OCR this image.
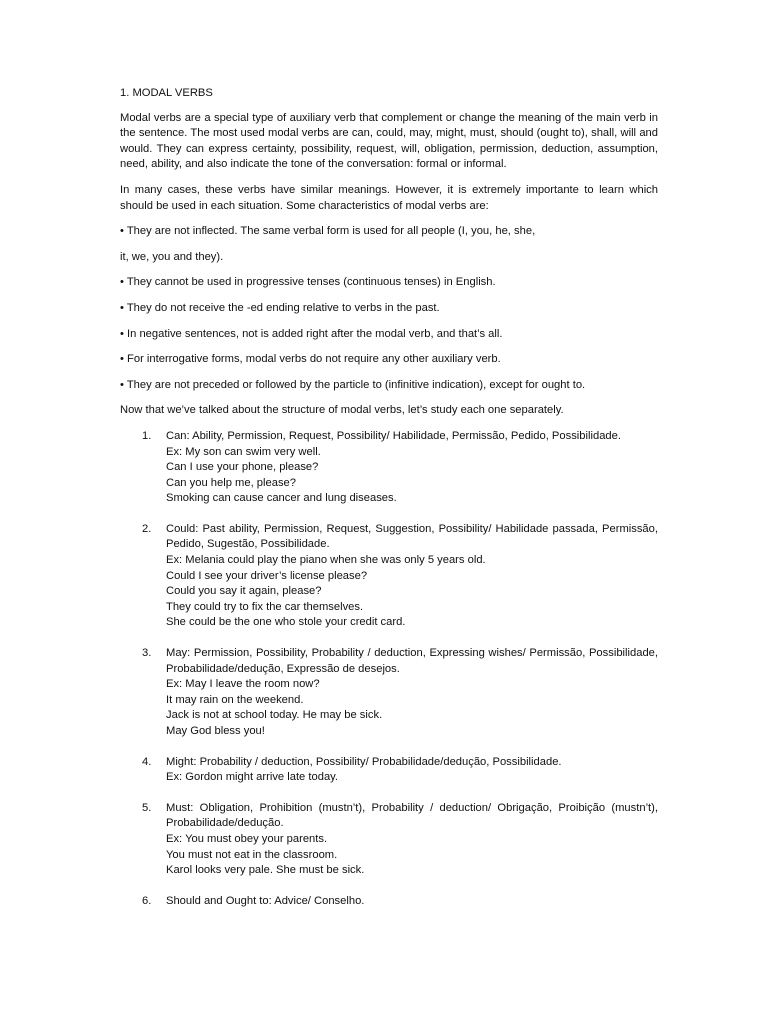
1. MODAL VERBS

Modal verbs are a special type of auxiliary verb that complement or change the meaning of the main verb in the sentence. The most used modal verbs are can, could, may, might, must, should (ought to), shall, will and would. They can express certainty, possibility, request, will, obligation, permission, deduction, assumption, need, ability, and also indicate the tone of the conversation: formal or informal.

In many cases, these verbs have similar meanings. However, it is extremely importante to learn which should be used in each situation. Some characteristics of modal verbs are:

• They are not inflected. The same verbal form is used for all people (I, you, he, she,
it, we, you and they).
• They cannot be used in progressive tenses (continuous tenses) in English.
• They do not receive the -ed ending relative to verbs in the past.
• In negative sentences, not is added right after the modal verb, and that’s all.
• For interrogative forms, modal verbs do not require any other auxiliary verb.
• They are not preceded or followed by the particle to (infinitive indication), except for ought to.

Now that we’ve talked about the structure of modal verbs, let’s study each one separately.

1. Can: Ability, Permission, Request, Possibility/ Habilidade, Permissão, Pedido, Possibilidade.
Ex: My son can swim very well.
Can I use your phone, please?
Can you help me, please?
Smoking can cause cancer and lung diseases.
2. Could: Past ability, Permission, Request, Suggestion, Possibility/ Habilidade passada, Permissão, Pedido, Sugestão, Possibilidade.
Ex: Melania could play the piano when she was only 5 years old.
Could I see your driver’s license please?
Could you say it again, please?
They could try to fix the car themselves.
She could be the one who stole your credit card.
3. May: Permission, Possibility, Probability / deduction, Expressing wishes/ Permissão, Possibilidade, Probabilidade/dedução, Expressão de desejos.
Ex: May I leave the room now?
It may rain on the weekend.
Jack is not at school today. He may be sick.
May God bless you!
4. Might: Probability / deduction, Possibility/ Probabilidade/dedução, Possibilidade.
Ex: Gordon might arrive late today.
5. Must: Obligation, Prohibition (mustn’t), Probability / deduction/ Obrigação, Proibição (mustn’t), Probabilidade/dedução.
Ex: You must obey your parents.
You must not eat in the classroom.
Karol looks very pale. She must be sick.
6. Should and Ought to: Advice/ Conselho.
